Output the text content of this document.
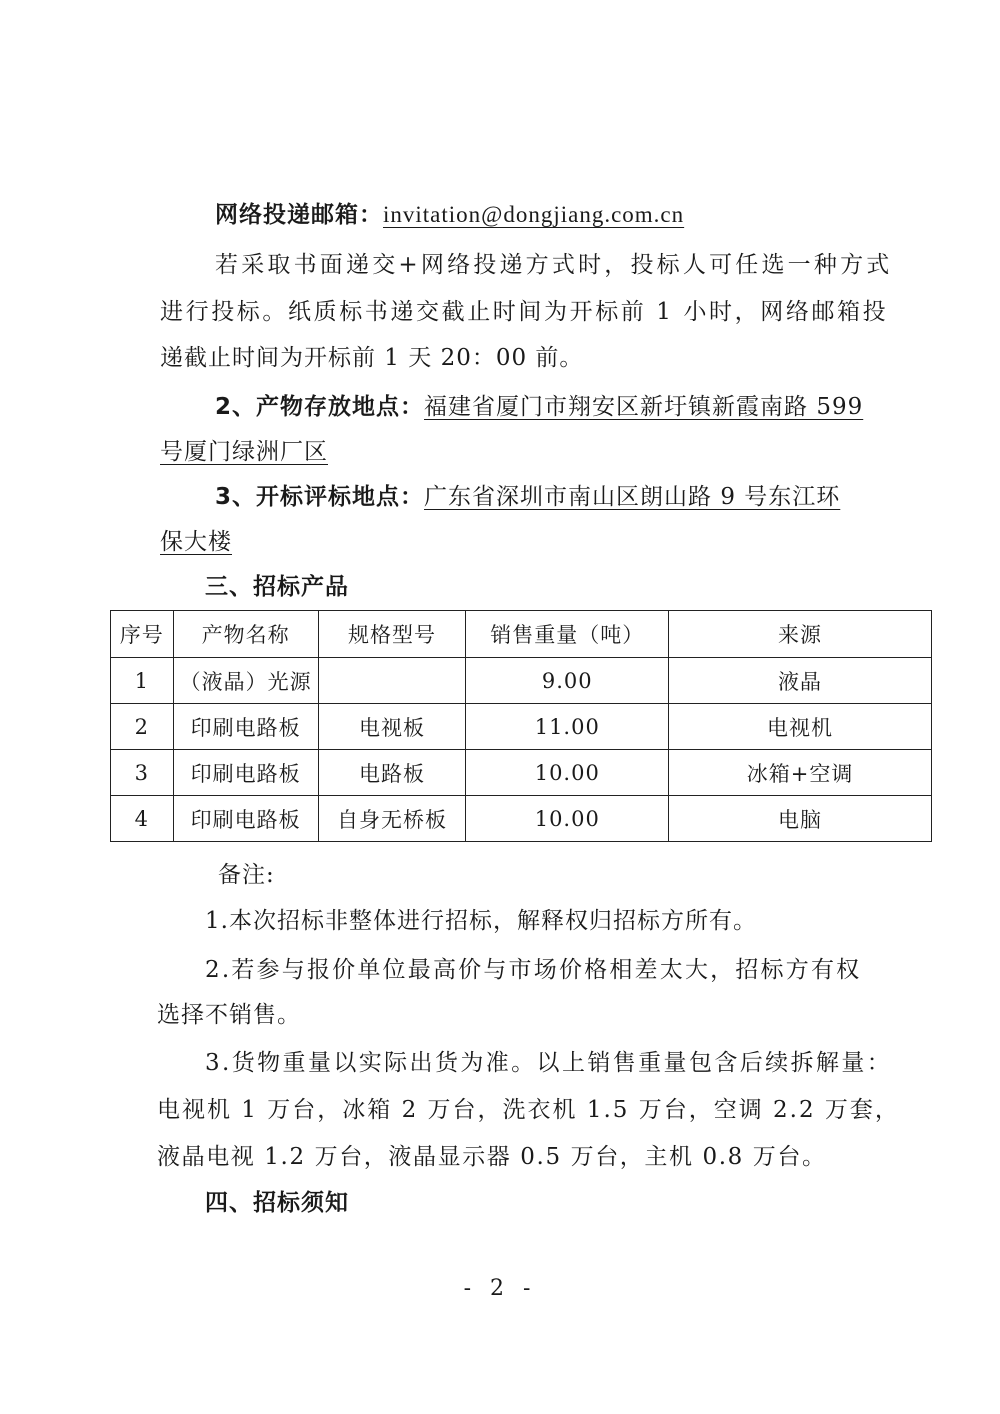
网络投递邮箱：invitation@dongjiang.com.cn
若采取书面递交+网络投递方式时，投标人可任选一种方式
进行投标。纸质标书递交截止时间为开标前 1 小时，网络邮箱投
递截止时间为开标前 1 天 20：00 前。
2、产物存放地点：福建省厦门市翔安区新圩镇新霞南路 599
号厦门绿洲厂区
3、开标评标地点：广东省深圳市南山区朗山路 9 号东江环
保大楼
三、招标产品
序号	产物名称	规格型号	销售重量（吨）	来源
1	（液晶）光源		9.00	液晶
2	印刷电路板	电视板	11.00	电视机
3	印刷电路板	电路板	10.00	冰箱+空调
4	印刷电路板	自身无桥板	10.00	电脑
备注:
1.本次招标非整体进行招标，解释权归招标方所有。
2.若参与报价单位最高价与市场价格相差太大，招标方有权
选择不销售。
3.货物重量以实际出货为准。以上销售重量包含后续拆解量：
电视机 1 万台，冰箱 2 万台，洗衣机 1.5 万台，空调 2.2 万套，
液晶电视 1.2 万台，液晶显示器 0.5 万台，主机 0.8 万台。
四、招标须知
- 2 -
